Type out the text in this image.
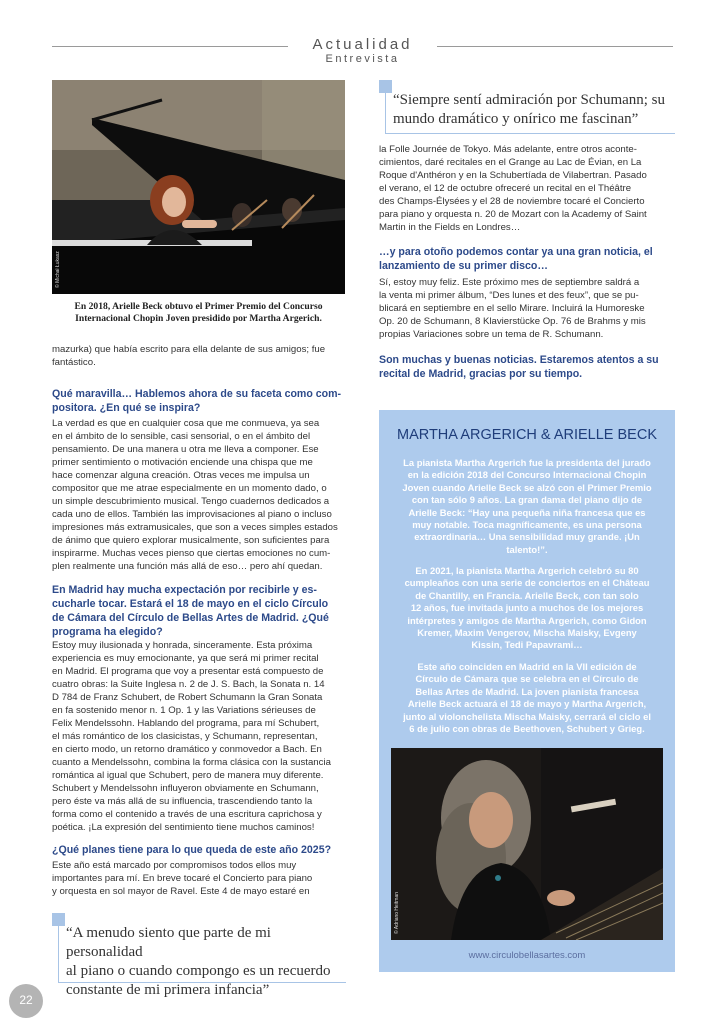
Actualidad
Entrevista
© Michał Łukasz
En 2018, Arielle Beck obtuvo el Primer Premio del Concurso
Internacional Chopin Joven presidido por Martha Argerich.
mazurka) que había escrito para ella delante de sus amigos; fue
fantástico.
Qué maravilla… Hablemos ahora de su faceta como com-
positora. ¿En qué se inspira?
La verdad es que en cualquier cosa que me conmueva, ya sea
en el ámbito de lo sensible, casi sensorial, o en el ámbito del
pensamiento. De una manera u otra me lleva a componer. Ese
primer sentimiento o motivación enciende una chispa que me
hace comenzar alguna creación. Otras veces me impulsa un
compositor que me atrae especialmente en un momento dado, o
un simple descubrimiento musical. Tengo cuadernos dedicados a
cada uno de ellos. También las improvisaciones al piano o incluso
impresiones más extramusicales, que son a veces simples estados
de ánimo que quiero explorar musicalmente, son suficientes para
inspirarme. Muchas veces pienso que ciertas emociones no cum-
plen realmente una función más allá de eso… pero ahí quedan.
En Madrid hay mucha expectación por recibirle y es-
cucharle tocar. Estará el 18 de mayo en el ciclo Círculo
de Cámara del Círculo de Bellas Artes de Madrid. ¿Qué
programa ha elegido?
Estoy muy ilusionada y honrada, sinceramente. Esta próxima
experiencia es muy emocionante, ya que será mi primer recital
en Madrid. El programa que voy a presentar está compuesto de
cuatro obras: la Suite Inglesa n. 2 de J. S. Bach, la Sonata n. 14
D 784 de Franz Schubert, de Robert Schumann la Gran Sonata
en fa sostenido menor n. 1 Op. 1 y las Variations sérieuses de
Felix Mendelssohn. Hablando del programa, para mí Schubert,
el más romántico de los clasicistas, y Schumann, representan,
en cierto modo, un retorno dramático y conmovedor a Bach. En
cuanto a Mendelssohn, combina la forma clásica con la sustancia
romántica al igual que Schubert, pero de manera muy diferente.
Schubert y Mendelssohn influyeron obviamente en Schumann,
pero éste va más allá de su influencia, trascendiendo tanto la
forma como el contenido a través de una escritura caprichosa y
poética. ¡La expresión del sentimiento tiene muchos caminos!
¿Qué planes tiene para lo que queda de este año 2025?
Este año está marcado por compromisos todos ellos muy
importantes para mí. En breve tocaré el Concierto para piano
y orquesta en sol mayor de Ravel. Este 4 de mayo estaré en
“A menudo siento que parte de mi personalidad
al piano o cuando compongo es un recuerdo
constante de mi primera infancia”
“Siempre sentí admiración por Schumann; su
mundo dramático y onírico me fascinan”
la Folle Journée de Tokyo. Más adelante, entre otros aconte-
cimientos, daré recitales en el Grange au Lac de Évian, en La
Roque d'Anthéron y en la Schubertíada de Vilabertran. Pasado
el verano, el 12 de octubre ofreceré un recital en el Théâtre
des Champs-Élysées y el 28 de noviembre tocaré el Concierto
para piano y orquesta n. 20 de Mozart con la Academy of Saint
Martin in the Fields en Londres…
…y para otoño podemos contar ya una gran noticia, el
lanzamiento de su primer disco…
Sí, estoy muy feliz. Este próximo mes de septiembre saldrá a
la venta mi primer álbum, “Des lunes et des feux”, que se pu-
blicará en septiembre en el sello Mirare. Incluirá la Humoreske
Op. 20 de Schumann, 8 Klavierstücke Op. 76 de Brahms y mis
propias Variaciones sobre un tema de R. Schumann.
Son muchas y buenas noticias. Estaremos atentos a su
recital de Madrid, gracias por su tiempo.
MARTHA ARGERICH & ARIELLE BECK
La pianista Martha Argerich fue la presidenta del jurado
en la edición 2018 del Concurso Internacional Chopin
Joven cuando Arielle Beck se alzó con el Primer Premio
con tan sólo 9 años. La gran dama del piano dijo de
Arielle Beck: “Hay una pequeña niña francesa que es
muy notable. Toca magníficamente, es una persona
extraordinaria… Una sensibilidad muy grande. ¡Un
talento!”.
En 2021, la pianista Martha Argerich celebró su 80
cumpleaños con una serie de conciertos en el Château
de Chantilly, en Francia. Arielle Beck, con tan solo
12 años, fue invitada junto a muchos de los mejores
intérpretes y amigos de Martha Argerich, como Gidon
Kremer, Maxim Vengerov, Mischa Maisky, Evgeny
Kissin, Tedi Papavrami…
Este año coinciden en Madrid en la VII edición de
Círculo de Cámara que se celebra en el Círculo de
Bellas Artes de Madrid. La joven pianista francesa
Arielle Beck actuará el 18 de mayo y Martha Argerich,
junto al violonchelista Mischa Maisky, cerrará el ciclo el
6 de julio con obras de Beethoven, Schubert y Grieg.
© Adriano Heitman
www.circulobellasartes.com
22
